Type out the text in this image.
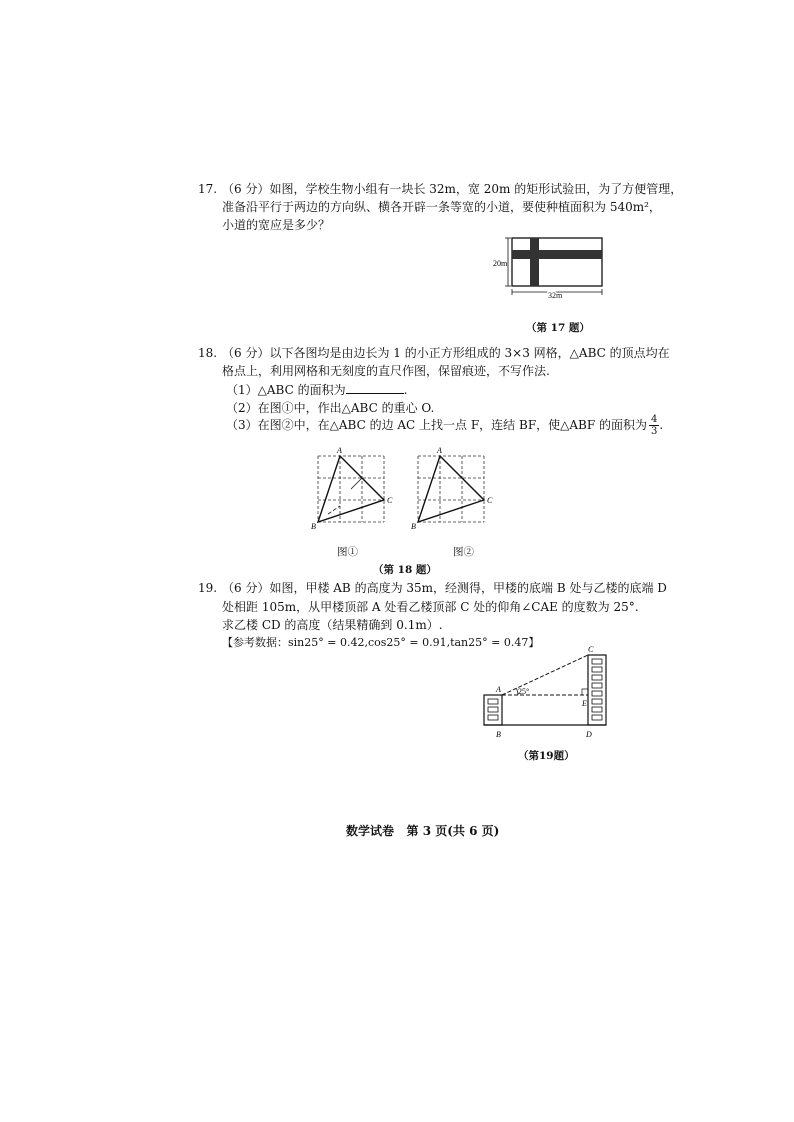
17. （6 分）如图，学校生物小组有一块长 32m，宽 20m 的矩形试验田，为了方便管理，
准备沿平行于两边的方向纵、横各开辟一条等宽的小道，要使种植面积为 540m²，
小道的宽应是多少？
20m
32m
（第 17 题）
18. （6 分）以下各图均是由边长为 1 的小正方形组成的 3×3 网格，△ABC 的顶点均在
格点上，利用网格和无刻度的直尺作图，保留痕迹，不写作法.
（1）△ABC 的面积为	.
（2）在图①中，作出△ABC 的重心 O.
（3）在图②中，在△ABC 的边 AC 上找一点 F，连结 BF，使△ABF 的面积为 $\frac{4}{3}$ .
A
C
B
A
C
B
图①	图②
（第 18 题）
19. （6 分）如图，甲楼 AB 的高度为 35m，经测得，甲楼的底端 B 处与乙楼的底端 D
处相距 105m，从甲楼顶部 A 处看乙楼顶部 C 处的仰角∠CAE 的度数为 25°.
求乙楼 CD 的高度（结果精确到 0.1m）.
【参考数据：sin25° = 0.42,cos25° = 0.91,tan25° = 0.47】
25°
A
B
C
D
E
（第19题）
数学试卷   第 3 页(共 6 页)
